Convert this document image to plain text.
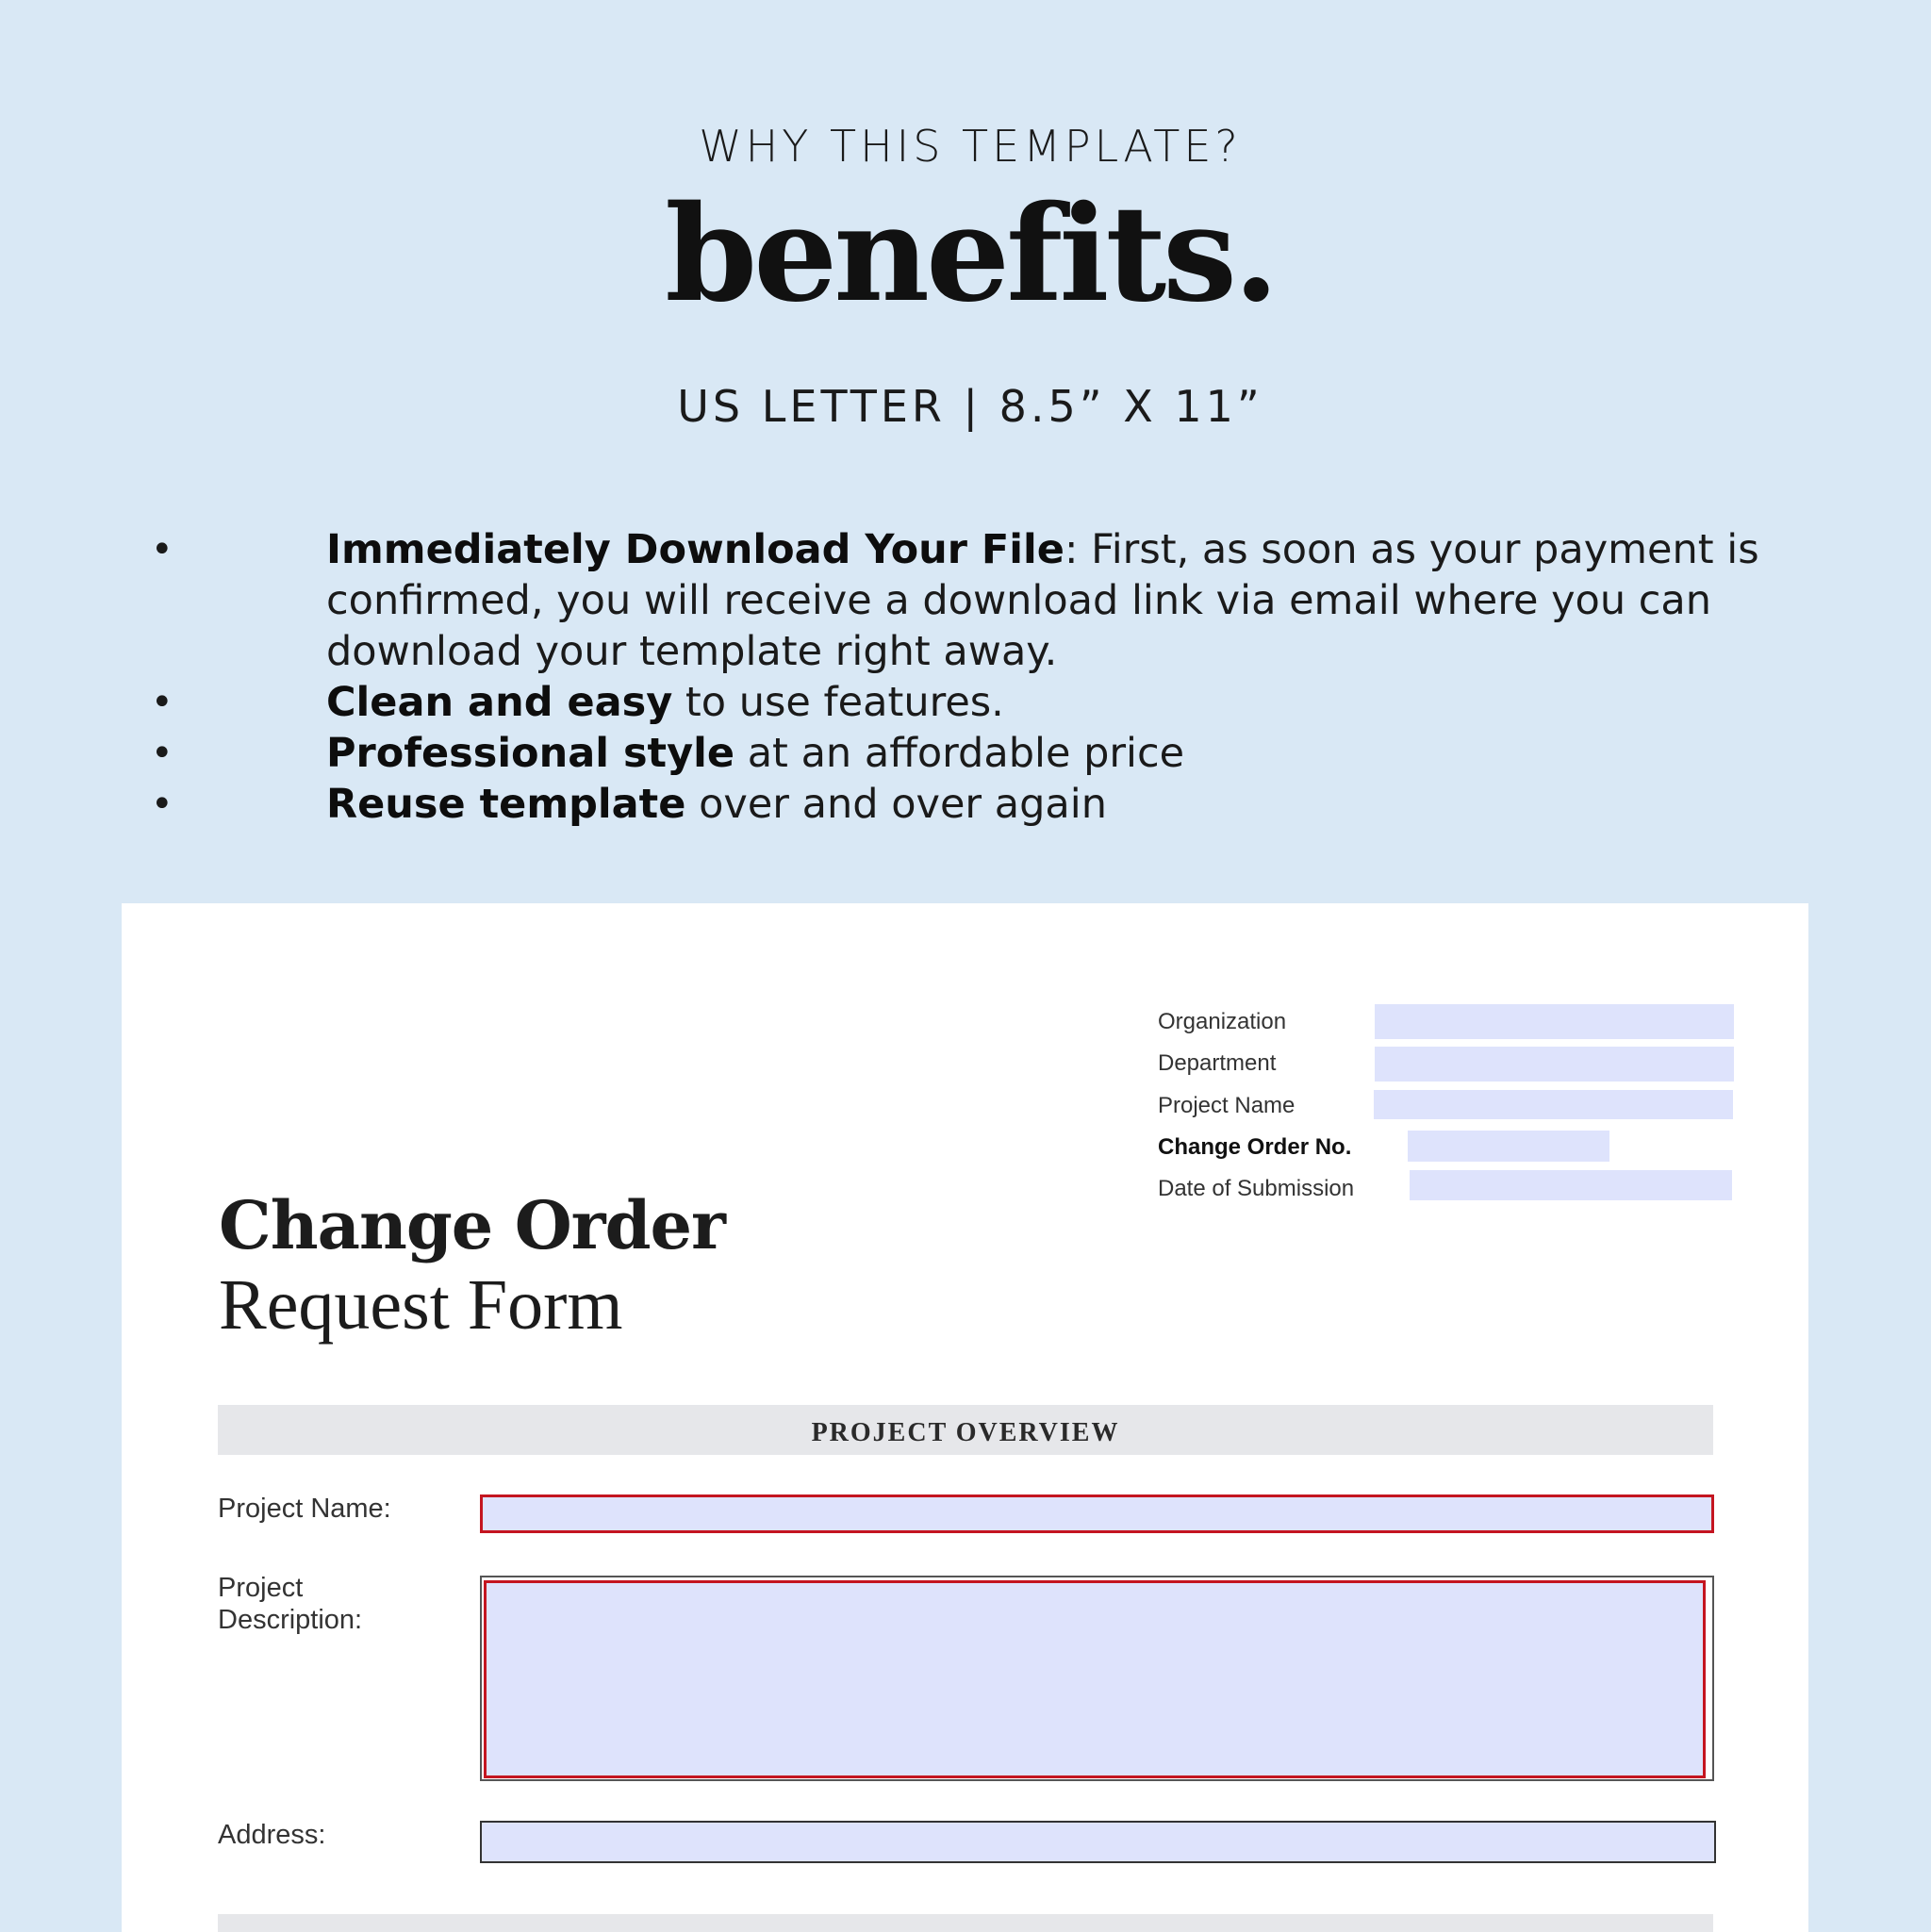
WHY THIS TEMPLATE?
benefits.
US LETTER | 8.5” X 11”
•	Immediately Download Your File: First, as soon as your payment is confirmed, you will receive a download link via email where you can download your template right away.
•	Clean and easy to use features.
•	Professional style at an affordable price
•	Reuse template over and over again
Organization
Department
Project Name
Change Order No.
Date of Submission
Change Order
Request Form
PROJECT OVERVIEW
Project Name:
Project
Description:
Address:
